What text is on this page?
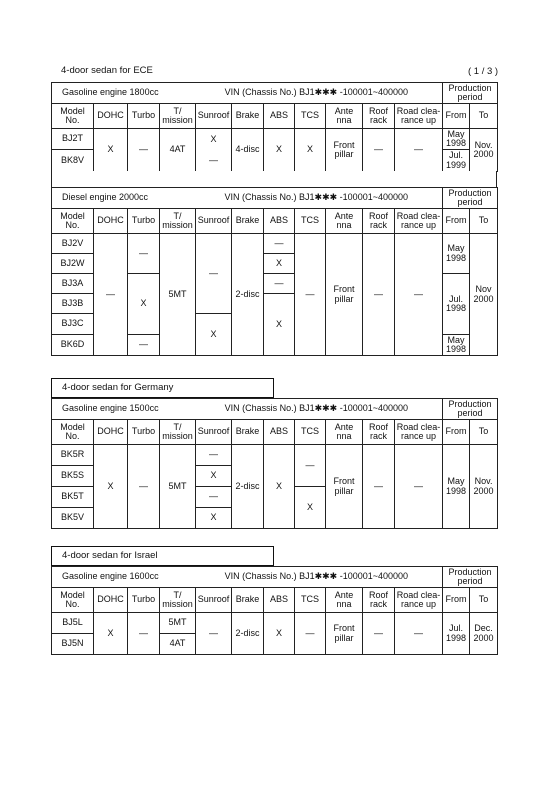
4-door sedan for ECE	( 1 / 3 )
Gasoline engine 1800cc VIN (Chassis No.) BJ1✱✱✱ -100001~400000											Production period	
Model No.	DOHC	Turbo	T/ mission	Sunroof	Brake	ABS	TCS	Ante nna	Roof rack	Road clea- rance up	From	To
BJ2T	X	—	4AT	X	4-disc	X	X	Front pillar	—	—	May 1998	Nov. 2000
BK8V				—							Jul. 1999	
Diesel engine 2000cc VIN (Chassis No.) BJ1✱✱✱ -100001~400000											Production period	
Model No.	DOHC	Turbo	T/ mission	Sunroof	Brake	ABS	TCS	Ante nna	Roof rack	Road clea- rance up	From	To
BJ2V	—	—	5MT	—	2-disc	—	—	Front pillar	—	—	May 1998	Nov 2000
BJ2W						X						
BJ3A		X				—					Jul. 1998	
BJ3B						X						
BJ3C				X								
BK6D		—									May 1998	
4-door sedan for Germany
Gasoline engine 1500cc VIN (Chassis No.) BJ1✱✱✱ -100001~400000											Production period	
Model No.	DOHC	Turbo	T/ mission	Sunroof	Brake	ABS	TCS	Ante nna	Roof rack	Road clea- rance up	From	To
BK5R	X	—	5MT	—	2-disc	X	—	Front pillar	—	—	May 1998	Nov. 2000
BK5S				X								
BK5T				—			X					
BK5V				X								
4-door sedan for Israel
Gasoline engine 1600cc VIN (Chassis No.) BJ1✱✱✱ -100001~400000											Production period	
Model No.	DOHC	Turbo	T/ mission	Sunroof	Brake	ABS	TCS	Ante nna	Roof rack	Road clea- rance up	From	To
BJ5L	X	—	5MT	—	2-disc	X	—	Front pillar	—	—	Jul. 1998	Dec. 2000
BJ5N			4AT									
